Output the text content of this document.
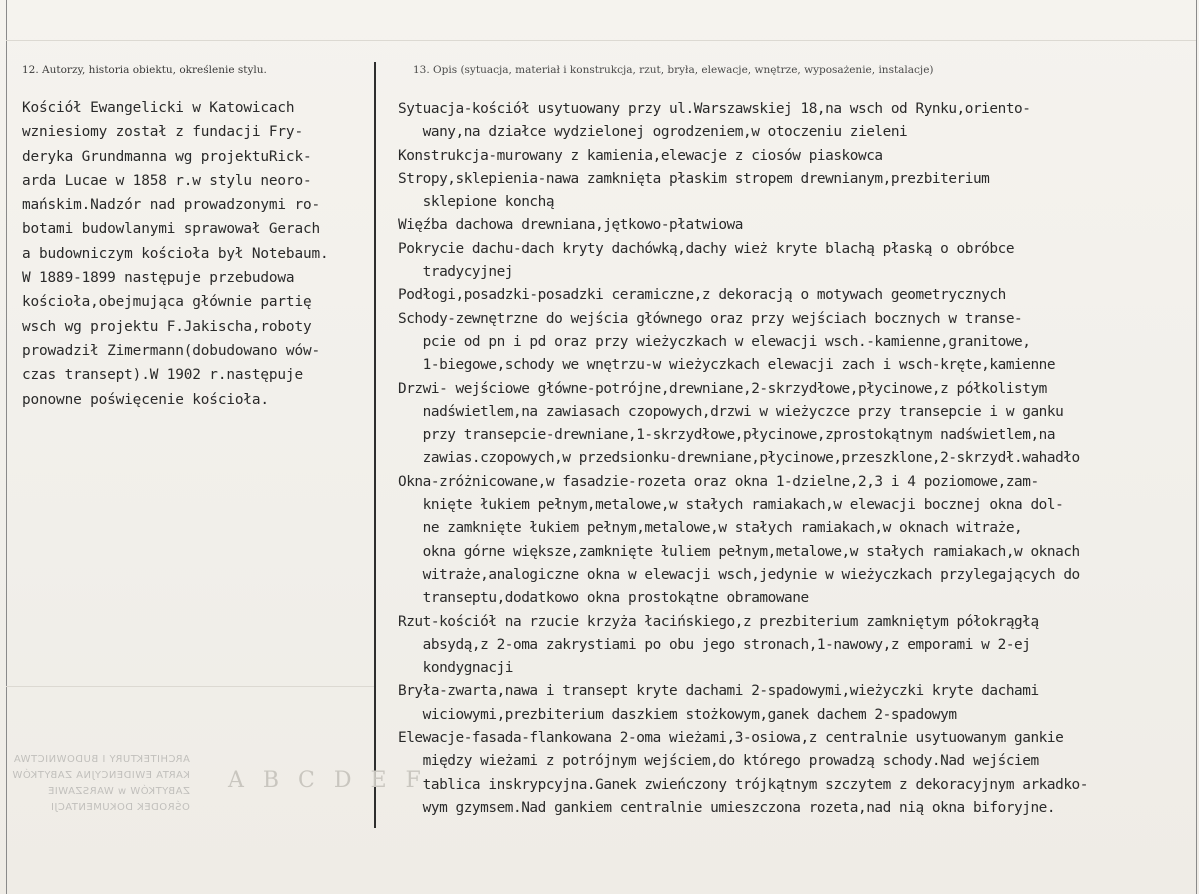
12. Autorzy, historia obiektu, określenie stylu.	13. Opis (sytuacja, materiał i konstrukcja, rzut, bryła, elewacje, wnętrze, wyposażenie, instalacje)
Kościół Ewangelicki w Katowicach
wzniesiomy został z fundacji Fry-
deryka Grundmanna wg projektuRick-
arda Lucae w 1858 r.w stylu neoro-
mańskim.Nadzór nad prowadzonymi ro-
botami budowlanymi sprawował Gerach
a budowniczym kościoła był Notebaum.
W 1889-1899 następuje przebudowa
kościoła,obejmująca głównie partię
wsch wg projektu F.Jakischa,roboty
prowadził Zimermann(dobudowano wów-
czas transept).W 1902 r.następuje
ponowne poświęcenie kościoła.
Sytuacja-kościół usytuowany przy ul.Warszawskiej 18,na wsch od Rynku,oriento-
wany,na działce wydzielonej ogrodzeniem,w otoczeniu zieleni
Konstrukcja-murowany z kamienia,elewacje z ciosów piaskowca
Stropy,sklepienia-nawa zamknięta płaskim stropem drewnianym,prezbiterium
sklepione konchą
Więźba dachowa drewniana,jętkowo-płatwiowa
Pokrycie dachu-dach kryty dachówką,dachy wież kryte blachą płaską o obróbce
tradycyjnej
Podłogi,posadzki-posadzki ceramiczne,z dekoracją o motywach geometrycznych
Schody-zewnętrzne do wejścia głównego oraz przy wejściach bocznych w transe-
pcie od pn i pd oraz przy wieżyczkach w elewacji wsch.-kamienne,granitowe,
1-biegowe,schody we wnętrzu-w wieżyczkach elewacji zach i wsch-kręte,kamienne
Drzwi- wejściowe główne-potrójne,drewniane,2-skrzydłowe,płycinowe,z półkolistym
nadświetlem,na zawiasach czopowych,drzwi w wieżyczce przy transepcie i w ganku
przy transepcie-drewniane,1-skrzydłowe,płycinowe,zprostokątnym nadświetlem,na
zawias.czopowych,w przedsionku-drewniane,płycinowe,przeszklone,2-skrzydł.wahadło
Okna-zróżnicowane,w fasadzie-rozeta oraz okna 1-dzielne,2,3 i 4 poziomowe,zam-
knięte łukiem pełnym,metalowe,w stałych ramiakach,w elewacji bocznej okna dol-
ne zamknięte łukiem pełnym,metalowe,w stałych ramiakach,w oknach witraże,
okna górne większe,zamknięte łuliem pełnym,metalowe,w stałych ramiakach,w oknach
witraże,analogiczne okna w elewacji wsch,jedynie w wieżyczkach przylegających do
transeptu,dodatkowo okna prostokątne obramowane
Rzut-kościół na rzucie krzyża łacińskiego,z prezbiterium zamkniętym półokrągłą
absydą,z 2-oma zakrystiami po obu jego stronach,1-nawowy,z emporami w 2-ej
kondygnacji
Bryła-zwarta,nawa i transept kryte dachami 2-spadowymi,wieżyczki kryte dachami
wiciowymi,prezbiterium daszkiem stożkowym,ganek dachem 2-spadowym
Elewacje-fasada-flankowana 2-oma wieżami,3-osiowa,z centralnie usytuowanym gankie
między wieżami z potrójnym wejściem,do którego prowadzą schody.Nad wejściem
tablica inskrypcyjna.Ganek zwieńczony trójkątnym szczytem z dekoracyjnym arkadko-
wym gzymsem.Nad gankiem centralnie umieszczona rozeta,nad nią okna biforyjne.
ARCHITEKTURY I BUDOWNICTWA
KARTA EWIDENCYJNA ZABYTKÓW
ZABYTKÓW w WARSZAWIE
OŚRODEK DOKUMENTACJI
A B C D E F
